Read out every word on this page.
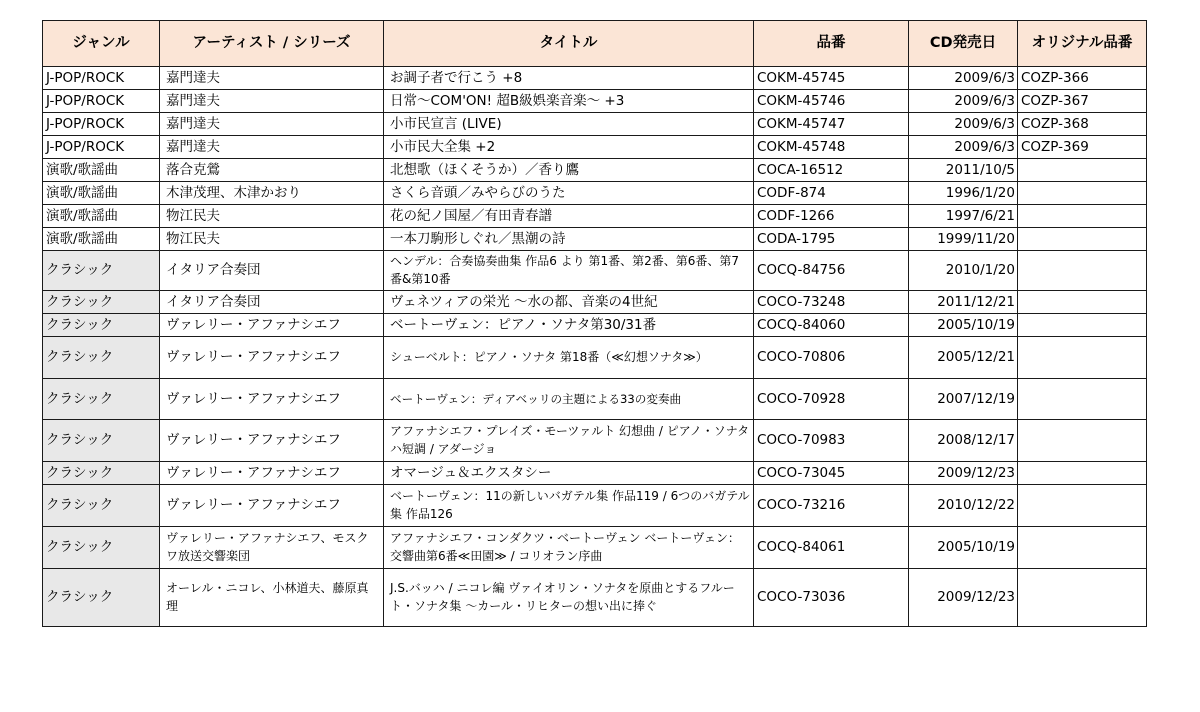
ジャンル	アーティスト / シリーズ	タイトル	品番	CD発売日	オリジナル品番
J-POP/ROCK	嘉門達夫	お調子者で行こう +8	COKM-45745	2009/6/3	COZP-366
J-POP/ROCK	嘉門達夫	日常～COM'ON! 超B級娯楽音楽～ +3	COKM-45746	2009/6/3	COZP-367
J-POP/ROCK	嘉門達夫	小市民宣言 (LIVE)	COKM-45747	2009/6/3	COZP-368
J-POP/ROCK	嘉門達夫	小市民大全集 +2	COKM-45748	2009/6/3	COZP-369
演歌/歌謡曲	落合克鶯	北想歌（ほくそうか）／香り鷹	COCA-16512	2011/10/5	
演歌/歌謡曲	木津茂理、木津かおり	さくら音頭／みやらびのうた	CODF-874	1996/1/20	
演歌/歌謡曲	物江民夫	花の紀ノ国屋／有田青春譜	CODF-1266	1997/6/21	
演歌/歌謡曲	物江民夫	一本刀駒形しぐれ／黒潮の詩	CODA-1795	1999/11/20	
クラシック	イタリア合奏団	ヘンデル：合奏協奏曲集 作品6 より 第1番、第2番、第6番、第7番&第10番	COCQ-84756	2010/1/20	
クラシック	イタリア合奏団	ヴェネツィアの栄光 ～水の都、音楽の4世紀	COCO-73248	2011/12/21	
クラシック	ヴァレリー・アファナシエフ	ベートーヴェン：ピアノ・ソナタ第30/31番	COCQ-84060	2005/10/19	
クラシック	ヴァレリー・アファナシエフ	シューベルト：ピアノ・ソナタ 第18番（≪幻想ソナタ≫）	COCO-70806	2005/12/21	
クラシック	ヴァレリー・アファナシエフ	ベートーヴェン：ディアベッリの主題による33の変奏曲	COCO-70928	2007/12/19	
クラシック	ヴァレリー・アファナシエフ	アファナシエフ・プレイズ・モーツァルト 幻想曲 / ピアノ・ソナタハ短調 / アダージョ	COCO-70983	2008/12/17	
クラシック	ヴァレリー・アファナシエフ	オマージュ＆エクスタシー	COCO-73045	2009/12/23	
クラシック	ヴァレリー・アファナシエフ	ベートーヴェン：11の新しいバガテル集 作品119 / 6つのバガテル集 作品126	COCO-73216	2010/12/22	
クラシック	ヴァレリー・アファナシエフ、モスクワ放送交響楽団	アファナシエフ・コンダクツ・ベートーヴェン ベートーヴェン：交響曲第6番≪田園≫ / コリオラン序曲	COCQ-84061	2005/10/19	
クラシック	オーレル・ニコレ、小林道夫、藤原真理	J.S.バッハ / ニコレ編 ヴァイオリン・ソナタを原曲とするフルート・ソナタ集 ～カール・リヒターの想い出に捧ぐ	COCO-73036	2009/12/23	
